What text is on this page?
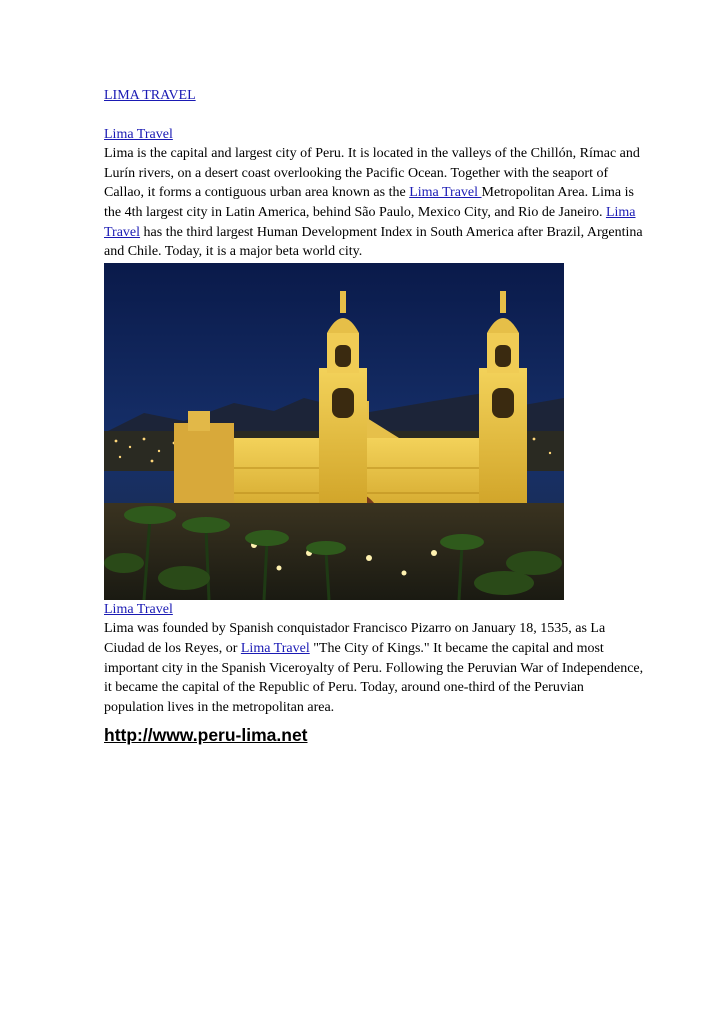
LIMA TRAVEL

Lima Travel
Lima is the capital and largest city of Peru. It is located in the valleys of the Chillón, Rímac and Lurín rivers, on a desert coast overlooking the Pacific Ocean. Together with the seaport of Callao, it forms a contiguous urban area known as the Lima Travel Metropolitan Area. Lima is the 4th largest city in Latin America, behind São Paulo, Mexico City, and Rio de Janeiro. Lima Travel has the third largest Human Development Index in South America after Brazil, Argentina and Chile. Today, it is a major beta world city.

Lima Travel
Lima was founded by Spanish conquistador Francisco Pizarro on January 18, 1535, as La Ciudad de los Reyes, or Lima Travel "The City of Kings." It became the capital and most important city in the Spanish Viceroyalty of Peru. Following the Peruvian War of Independence, it became the capital of the Republic of Peru. Today, around one-third of the Peruvian population lives in the metropolitan area.

http://www.peru-lima.net
